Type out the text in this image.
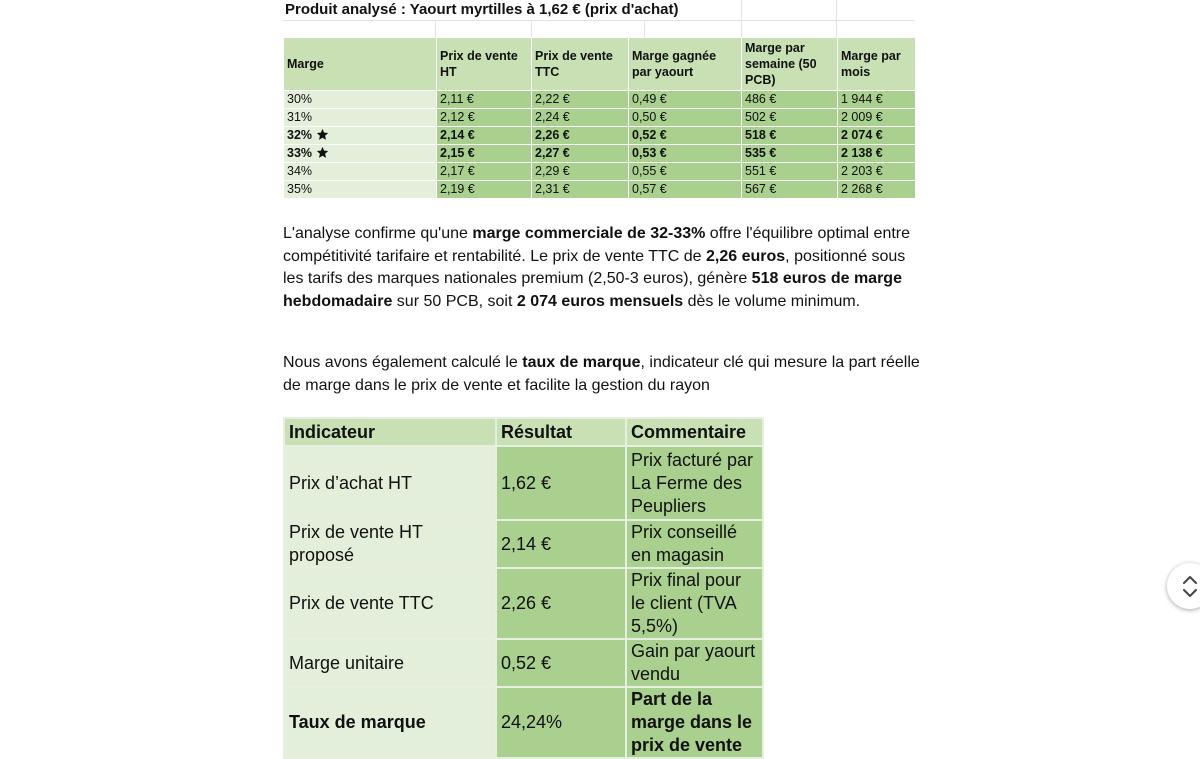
Produit analysé : Yaourt myrtilles à 1,62 € (prix d'achat)
Marge	Prix de vente HT	Prix de vente TTC	Marge gagnée par yaourt	Marge par semaine (50 PCB)	Marge par mois
30%	2,11 €	2,22 €	0,49 €	486 €	1 944 €
31%	2,12 €	2,24 €	0,50 €	502 €	2 009 €
32%	2,14 €	2,26 €	0,52 €	518 €	2 074 €
33%	2,15 €	2,27 €	0,53 €	535 €	2 138 €
34%	2,17 €	2,29 €	0,55 €	551 €	2 203 €
35%	2,19 €	2,31 €	0,57 €	567 €	2 268 €

L'analyse confirme qu'une marge commerciale de 32-33% offre l'équilibre optimal entre compétitivité tarifaire et rentabilité. Le prix de vente TTC de 2,26 euros, positionné sous les tarifs des marques nationales premium (2,50-3 euros), génère 518 euros de marge hebdomadaire sur 50 PCB, soit 2 074 euros mensuels dès le volume minimum.

Nous avons également calculé le taux de marque, indicateur clé qui mesure la part réelle de marge dans le prix de vente et facilite la gestion du rayon

Indicateur	Résultat	Commentaire
Prix d’achat HT	1,62 €	Prix facturé par La Ferme des Peupliers
Prix de vente HT proposé	2,14 €	Prix conseillé en magasin
Prix de vente TTC	2,26 €	Prix final pour le client (TVA 5,5%)
Marge unitaire	0,52 €	Gain par yaourt vendu
Taux de marque	24,24%	Part de la marge dans le prix de vente
